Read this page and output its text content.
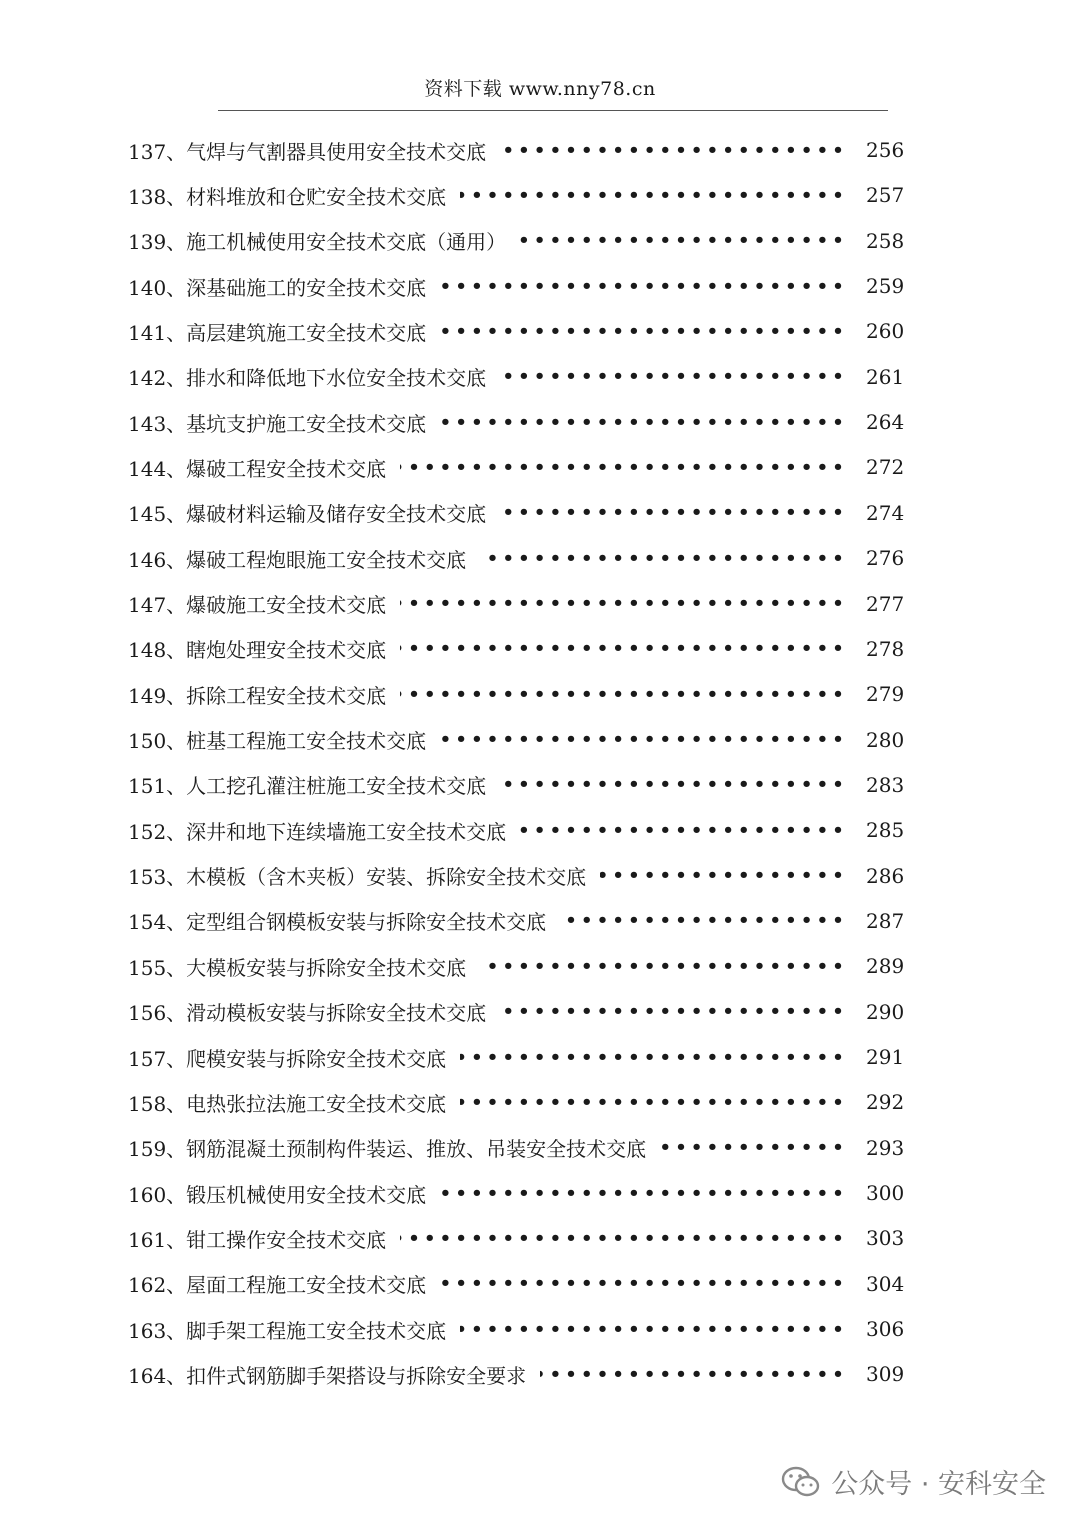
资料下载 www.nny78.cn
137、气焊与气割器具使用安全技术交底 •••••	256
138、材料堆放和仓贮安全技术交底 •••••	257
139、施工机械使用安全技术交底（通用） •••••	258
140、深基础施工的安全技术交底 •••••	259
141、高层建筑施工安全技术交底 •••••	260
142、排水和降低地下水位安全技术交底 •••••	261
143、基坑支护施工安全技术交底 •••••	264
144、爆破工程安全技术交底 •••••	272
145、爆破材料运输及储存安全技术交底 •••••	274
146、爆破工程炮眼施工安全技术交底 •••••	276
147、爆破施工安全技术交底 •••••	277
148、瞎炮处理安全技术交底 •••••	278
149、拆除工程安全技术交底 •••••	279
150、桩基工程施工安全技术交底 •••••	280
151、人工挖孔灌注桩施工安全技术交底 •••••	283
152、深井和地下连续墙施工安全技术交底 •••••	285
153、木模板（含木夹板）安装、拆除安全技术交底 •••••	286
154、定型组合钢模板安装与拆除安全技术交底 •••••	287
155、大模板安装与拆除安全技术交底 •••••	289
156、滑动模板安装与拆除安全技术交底 •••••	290
157、爬模安装与拆除安全技术交底 •••••	291
158、电热张拉法施工安全技术交底 •••••	292
159、钢筋混凝土预制构件装运、推放、吊装安全技术交底 •••••	293
160、锻压机械使用安全技术交底 •••••	300
161、钳工操作安全技术交底 •••••	303
162、屋面工程施工安全技术交底 •••••	304
163、脚手架工程施工安全技术交底 •••••	306
164、扣件式钢筋脚手架搭设与拆除安全要求 •••••	309
公众号 · 安科安全
